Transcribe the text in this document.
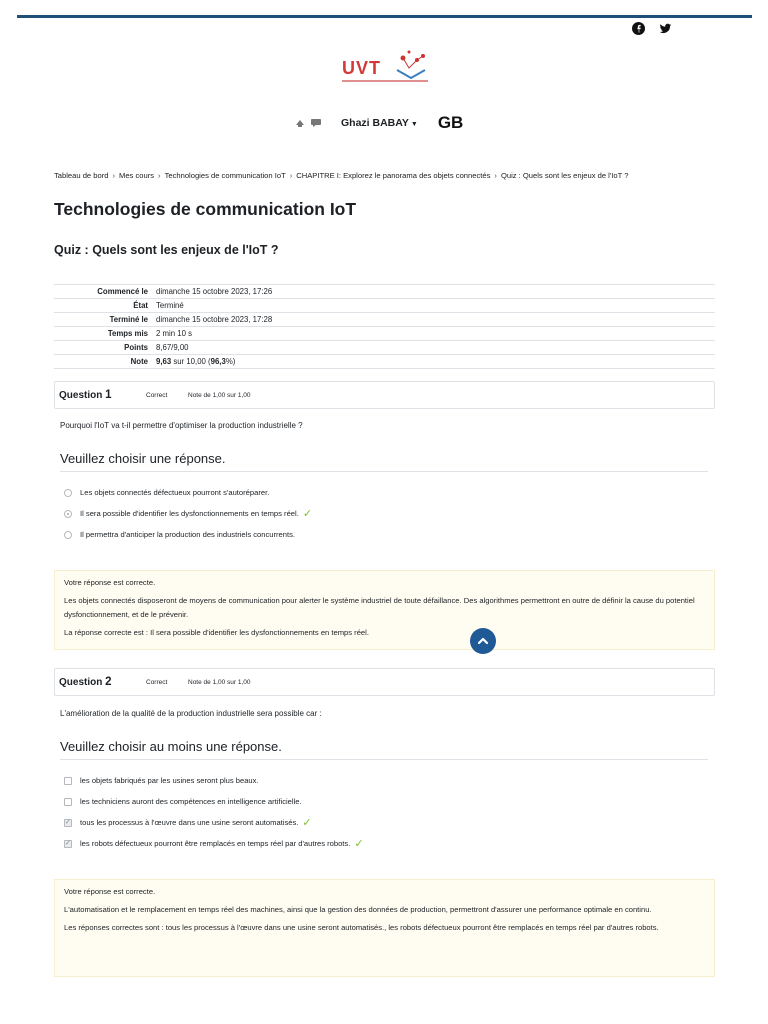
UVT
Ghazi BABAY ▼ GB
Tableau de bord › Mes cours › Technologies de communication IoT › CHAPITRE I: Explorez le panorama des objets connectés › Quiz : Quels sont les enjeux de l'IoT ?
Technologies de communication IoT
Quiz : Quels sont les enjeux de l'IoT ?
Commencé le	dimanche 15 octobre 2023, 17:26
État	Terminé
Terminé le	dimanche 15 octobre 2023, 17:28
Temps mis	2 min 10 s
Points	8,67/9,00
Note	9,63 sur 10,00 (96,3%)
Question 1	Correct	Note de 1,00 sur 1,00
Pourquoi l'IoT va t-il permettre d'optimiser la production industrielle ?
Veuillez choisir une réponse.
Les objets connectés défectueux pourront s'autoréparer.
Il sera possible d'identifier les dysfonctionnements en temps réel. ✓
Il permettra d'anticiper la production des industriels concurrents.

Votre réponse est correcte.

Les objets connectés disposeront de moyens de communication pour alerter le système industriel de toute défaillance. Des algorithmes permettront en outre de définir la cause du potentiel dysfonctionnement, et de le prévenir.

La réponse correcte est : Il sera possible d'identifier les dysfonctionnements en temps réel.

Question 2	Correct	Note de 1,00 sur 1,00
L'amélioration de la qualité de la production industrielle sera possible car :
Veuillez choisir au moins une réponse.
les objets fabriqués par les usines seront plus beaux.
les techniciens auront des compétences en intelligence artificielle.
✓
tous les processus à l'œuvre dans une usine seront automatisés. ✓
✓
les robots défectueux pourront être remplacés en temps réel par d'autres robots. ✓

Votre réponse est correcte.

L'automatisation et le remplacement en temps réel des machines, ainsi que la gestion des données de production, permettront d'assurer une performance optimale en continu.

Les réponses correctes sont : tous les processus à l'œuvre dans une usine seront automatisés., les robots défectueux pourront être remplacés en temps réel par d'autres robots.
